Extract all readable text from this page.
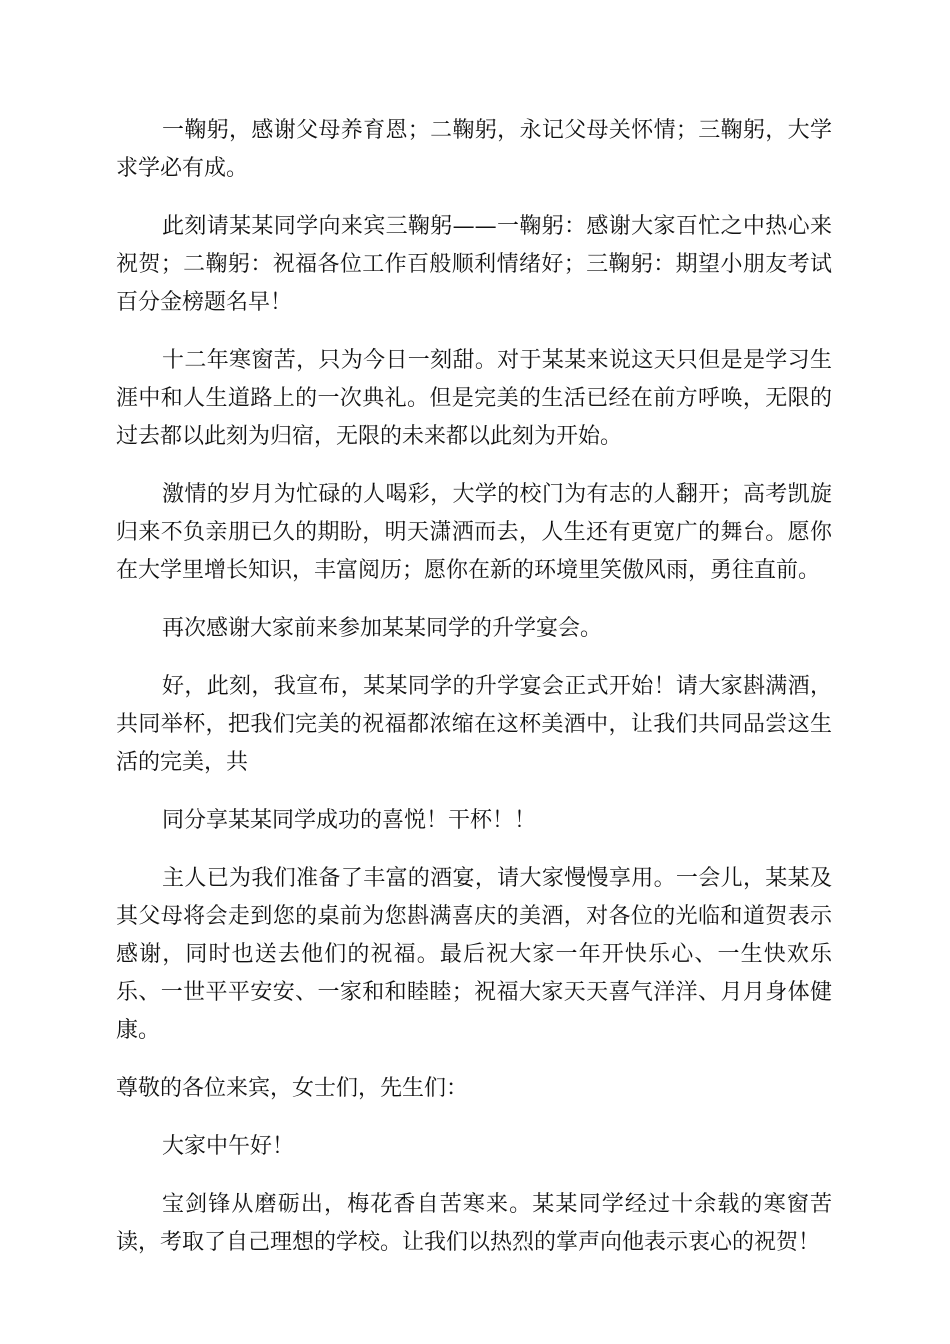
一鞠躬，感谢父母养育恩；二鞠躬，永记父母关怀情；三鞠躬，大学求学必有成。

此刻请某某同学向来宾三鞠躬——一鞠躬：感谢大家百忙之中热心来祝贺；二鞠躬：祝福各位工作百般顺利情绪好；三鞠躬：期望小朋友考试百分金榜题名早！

十二年寒窗苦，只为今日一刻甜。对于某某来说这天只但是是学习生涯中和人生道路上的一次典礼。但是完美的生活已经在前方呼唤，无限的过去都以此刻为归宿，无限的未来都以此刻为开始。

激情的岁月为忙碌的人喝彩，大学的校门为有志的人翻开；高考凯旋归来不负亲朋已久的期盼，明天潇洒而去，人生还有更宽广的舞台。愿你在大学里增长知识，丰富阅历；愿你在新的环境里笑傲风雨，勇往直前。

再次感谢大家前来参加某某同学的升学宴会。

好，此刻，我宣布，某某同学的升学宴会正式开始！请大家斟满酒，共同举杯，把我们完美的祝福都浓缩在这杯美酒中，让我们共同品尝这生活的完美，共

同分享某某同学成功的喜悦！干杯！！

主人已为我们准备了丰富的酒宴，请大家慢慢享用。一会儿，某某及其父母将会走到您的桌前为您斟满喜庆的美酒，对各位的光临和道贺表示感谢，同时也送去他们的祝福。最后祝大家一年开快乐心、一生快欢乐乐、一世平平安安、一家和和睦睦；祝福大家天天喜气洋洋、月月身体健康。

尊敬的各位来宾，女士们，先生们：

大家中午好！

宝剑锋从磨砺出，梅花香自苦寒来。某某同学经过十余载的寒窗苦读，考取了自己理想的学校。让我们以热烈的掌声向他表示衷心的祝贺！
